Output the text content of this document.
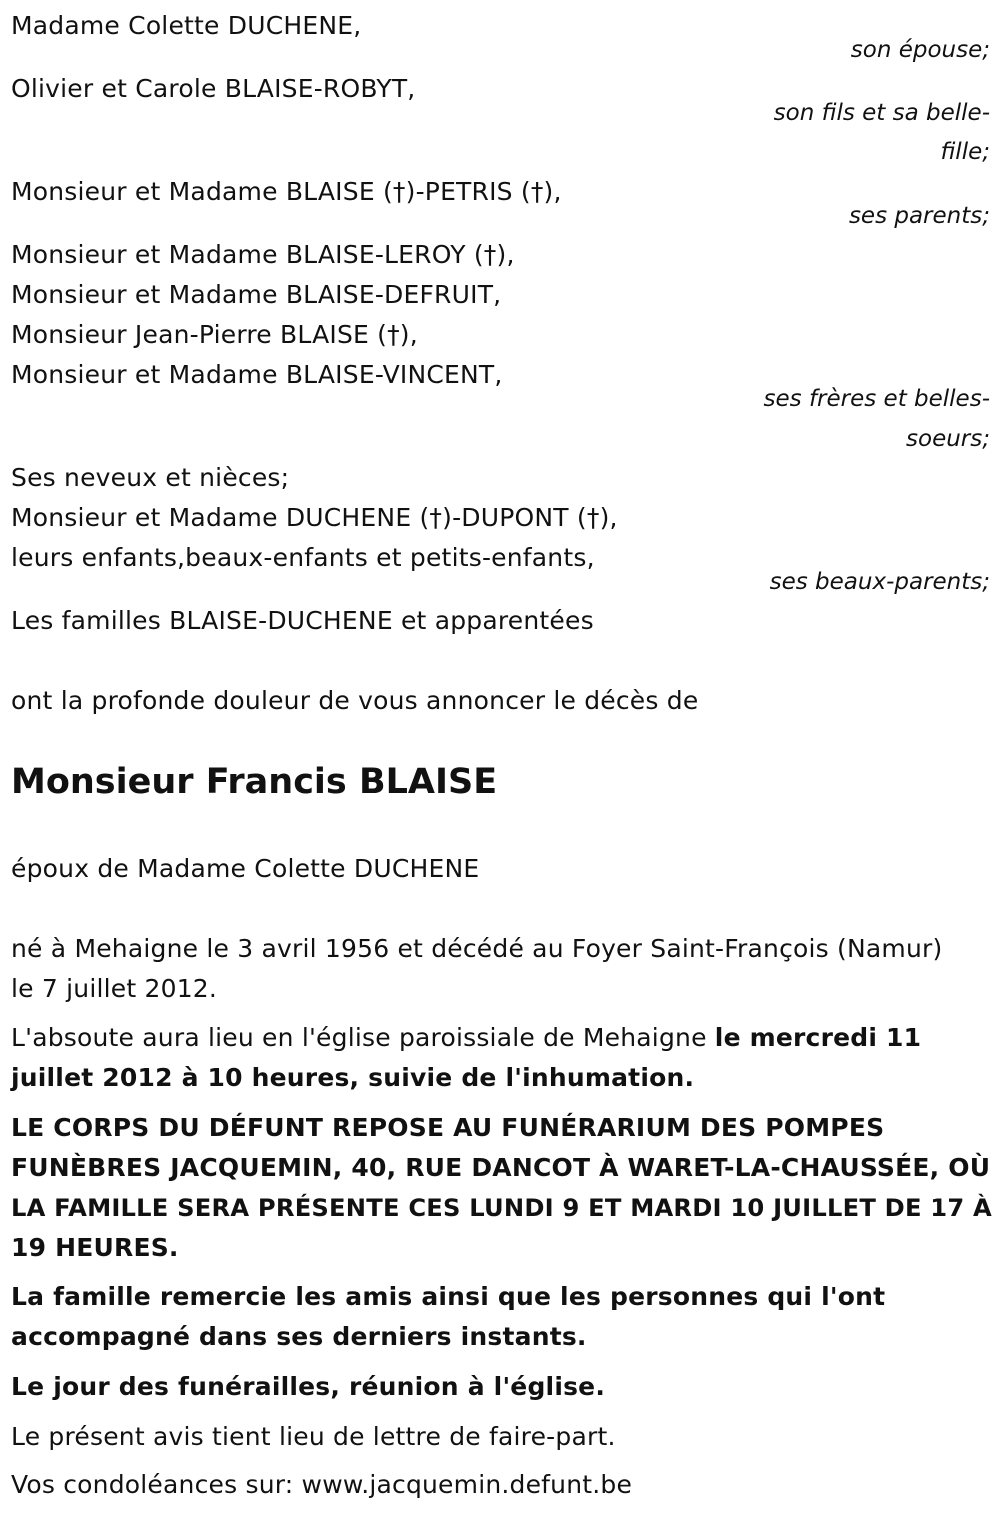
Madame Colette DUCHENE,
son épouse;
Olivier et Carole BLAISE-ROBYT,
son fils et sa belle-
fille;
Monsieur et Madame BLAISE (†)-PETRIS (†),
ses parents;
Monsieur et Madame BLAISE-LEROY (†),
Monsieur et Madame BLAISE-DEFRUIT,
Monsieur Jean-Pierre BLAISE (†),
Monsieur et Madame BLAISE-VINCENT,
ses frères et belles-
soeurs;
Ses neveux et nièces;
Monsieur et Madame DUCHENE (†)-DUPONT (†),
leurs enfants,beaux-enfants et petits-enfants,
ses beaux-parents;
Les familles BLAISE-DUCHENE et apparentées
ont la profonde douleur de vous annoncer le décès de
Monsieur Francis BLAISE
époux de Madame Colette DUCHENE
né à Mehaigne le 3 avril 1956 et décédé au Foyer Saint-François (Namur)
le 7 juillet 2012.
L'absoute aura lieu en l'église paroissiale de Mehaigne le mercredi 11
juillet 2012 à 10 heures, suivie de l'inhumation.
LE CORPS DU DÉFUNT REPOSE AU FUNÉRARIUM DES POMPES
FUNÈBRES JACQUEMIN, 40, RUE DANCOT À WARET-LA-CHAUSSÉE, OÙ
LA FAMILLE SERA PRÉSENTE CES LUNDI 9 ET MARDI 10 JUILLET DE 17 À
19 HEURES.
La famille remercie les amis ainsi que les personnes qui l'ont
accompagné dans ses derniers instants.
Le jour des funérailles, réunion à l'église.
Le présent avis tient lieu de lettre de faire-part.
Vos condoléances sur: www.jacquemin.defunt.be
